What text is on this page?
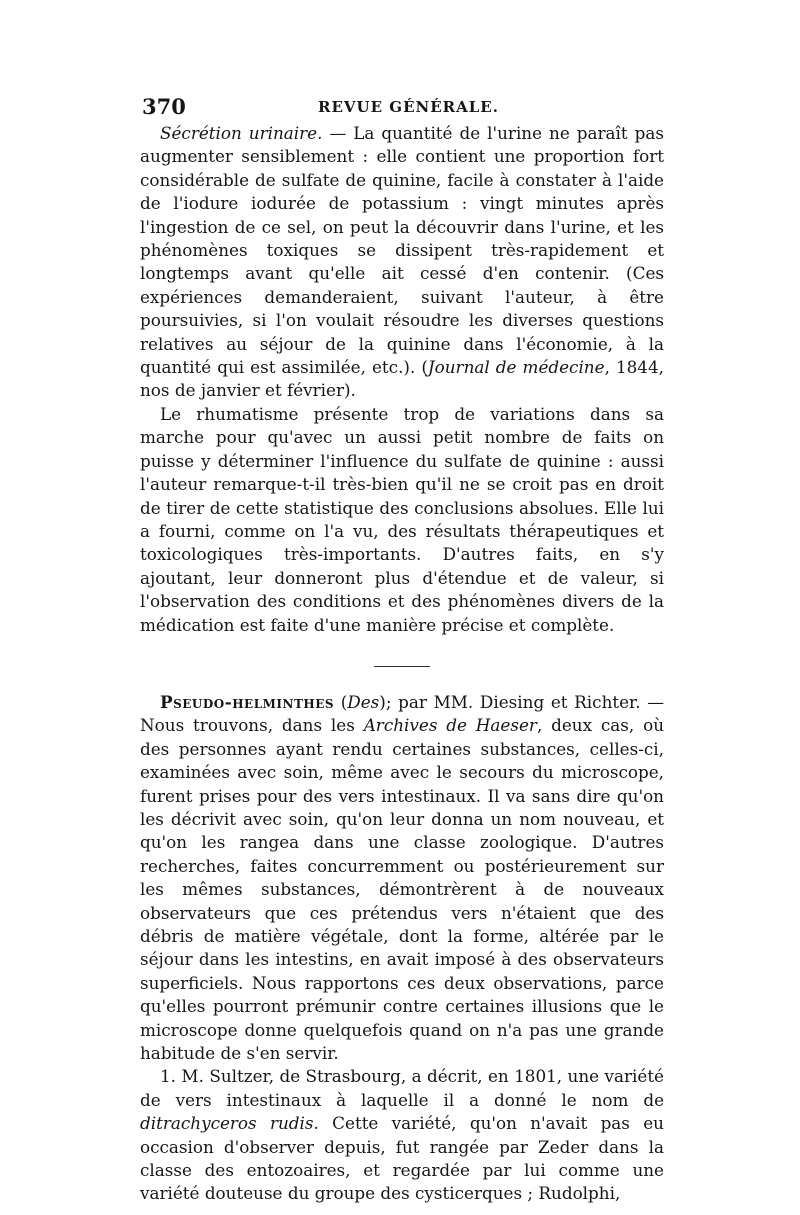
370	REVUE GÉNÉRALE.

Sécrétion urinaire. — La quantité de l'urine ne paraît pas augmenter sensiblement : elle contient une proportion fort considérable de sulfate de quinine, facile à constater à l'aide de l'iodure iodurée de potassium : vingt minutes après l'ingestion de ce sel, on peut la découvrir dans l'urine, et les phénomènes toxiques se dissipent très-rapidement et longtemps avant qu'elle ait cessé d'en contenir. (Ces expériences demanderaient, suivant l'auteur, à être poursuivies, si l'on voulait résoudre les diverses questions relatives au séjour de la quinine dans l'économie, à la quantité qui est assimilée, etc.). (Journal de médecine, 1844, nos de janvier et février).

Le rhumatisme présente trop de variations dans sa marche pour qu'avec un aussi petit nombre de faits on puisse y déterminer l'influence du sulfate de quinine : aussi l'auteur remarque-t-il très-bien qu'il ne se croit pas en droit de tirer de cette statistique des conclusions absolues. Elle lui a fourni, comme on l'a vu, des résultats thérapeutiques et toxicologiques très-importants. D'autres faits, en s'y ajoutant, leur donneront plus d'étendue et de valeur, si l'observation des conditions et des phénomènes divers de la médication est faite d'une manière précise et complète.

Pseudo-helminthes (Des); par MM. Diesing et Richter. — Nous trouvons, dans les Archives de Haeser, deux cas, où des personnes ayant rendu certaines substances, celles-ci, examinées avec soin, même avec le secours du microscope, furent prises pour des vers intestinaux. Il va sans dire qu'on les décrivit avec soin, qu'on leur donna un nom nouveau, et qu'on les rangea dans une classe zoologique. D'autres recherches, faites concurremment ou postérieurement sur les mêmes substances, démontrèrent à de nouveaux observateurs que ces prétendus vers n'étaient que des débris de matière végétale, dont la forme, altérée par le séjour dans les intestins, en avait imposé à des observateurs superficiels. Nous rapportons ces deux observations, parce qu'elles pourront prémunir contre certaines illusions que le microscope donne quelquefois quand on n'a pas une grande habitude de s'en servir.

1. M. Sultzer, de Strasbourg, a décrit, en 1801, une variété de vers intestinaux à laquelle il a donné le nom de ditrachyceros rudis. Cette variété, qu'on n'avait pas eu occasion d'observer depuis, fut rangée par Zeder dans la classe des entozoaires, et regardée par lui comme une variété douteuse du groupe des cysticerques ; Rudolphi,
